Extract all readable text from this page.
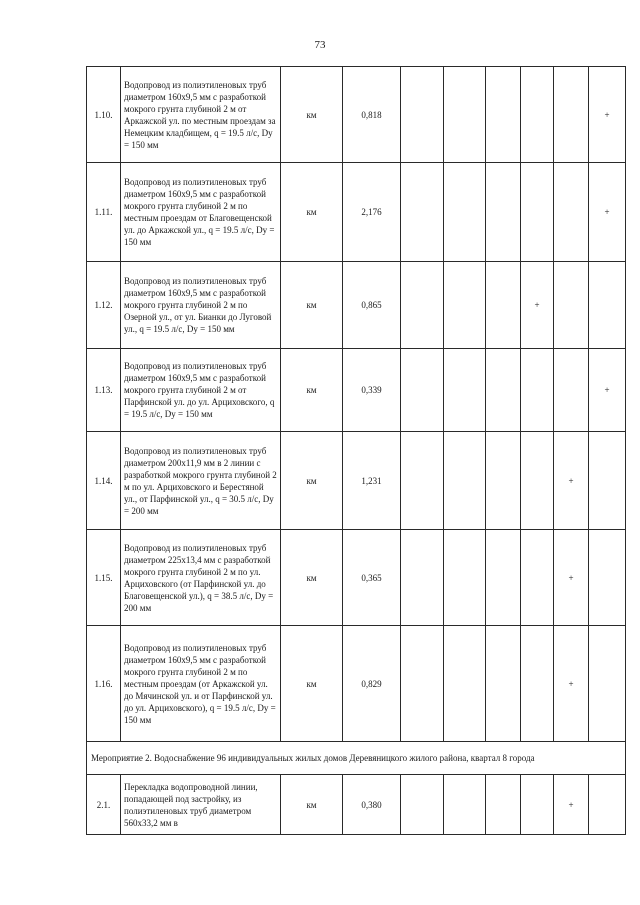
73
1.10.	Водопровод из полиэтиленовых труб диаметром 160x9,5 мм с разработкой мокрого грунта глубиной 2 м от Аркажской ул. по местным проездам за Немецким кладбищем, q = 19.5 л/с, Dy = 150 мм	км	0,818						+
1.11.	Водопровод из полиэтиленовых труб диаметром 160x9,5 мм с разработкой мокрого грунта глубиной 2 м по местным проездам от Благовещенской ул. до Аркажской ул., q = 19.5 л/с, Dy = 150 мм	км	2,176						+
1.12.	Водопровод из полиэтиленовых труб диаметром 160x9,5 мм с разработкой мокрого грунта глубиной 2 м по Озерной ул., от ул. Бианки до Луговой ул., q = 19.5 л/с, Dy = 150 мм	км	0,865				+		
1.13.	Водопровод из полиэтиленовых труб диаметром 160x9,5 мм с разработкой мокрого грунта глубиной 2 м от Парфинской ул. до ул. Арциховского, q = 19.5 л/с, Dy = 150 мм	км	0,339						+
1.14.	Водопровод из полиэтиленовых труб диаметром 200x11,9 мм в 2 линии с разработкой мокрого грунта глубиной 2 м по ул. Арциховского и Берестяной ул., от Парфинской ул., q = 30.5 л/с, Dy = 200 мм	км	1,231					+	
1.15.	Водопровод из полиэтиленовых труб диаметром 225x13,4 мм с разработкой мокрого грунта глубиной 2 м по ул. Арциховского (от Парфинской ул. до Благовещенской ул.), q = 38.5 л/с, Dy = 200 мм	км	0,365					+	
1.16.	Водопровод из полиэтиленовых труб диаметром 160x9,5 мм с разработкой мокрого грунта глубиной 2 м по местным проездам (от Аркажской ул. до Мячинской ул. и от Парфинской ул. до ул. Арциховского), q = 19.5 л/с, Dy = 150 мм	км	0,829					+	
Мероприятие 2. Водоснабжение 96 индивидуальных жилых домов Деревяницкого жилого района, квартал 8 города									
2.1.	Перекладка водопроводной линии, попадающей под застройку, из полиэтиленовых труб диаметром 560x33,2 мм в	км	0,380					+	
